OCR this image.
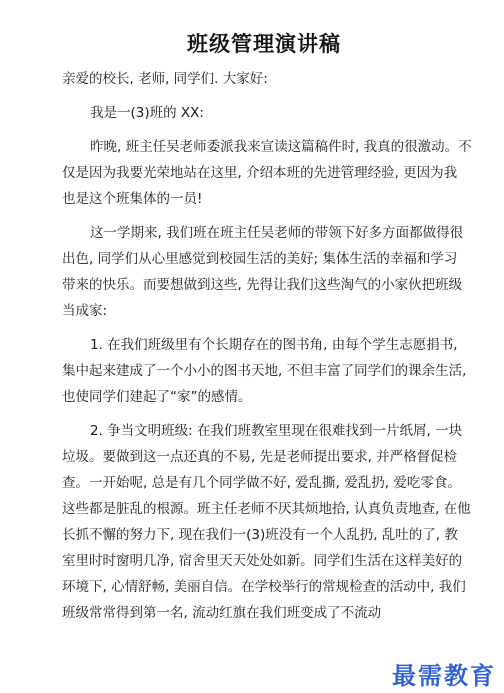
班级管理演讲稿
亲爱的校长, 老师, 同学们. 大家好:
我是一(3)班的 XX:
昨晚, 班主任吴老师委派我来宣读这篇稿件时, 我真的很激动。不
仅是因为我要光荣地站在这里, 介绍本班的先进管理经验, 更因为我
也是这个班集体的一员!
这一学期来, 我们班在班主任吴老师的带领下好多方面都做得很
出色, 同学们从心里感觉到校园生活的美好; 集体生活的幸福和学习
带来的快乐。而要想做到这些, 先得让我们这些淘气的小家伙把班级
当成家:
1. 在我们班级里有个长期存在的图书角, 由每个学生志愿捐书,
集中起来建成了一个小小的图书天地, 不但丰富了同学们的课余生活,
也使同学们建起了“家”的感情。
2. 争当文明班级: 在我们班教室里现在很难找到一片纸屑, 一块
垃圾。要做到这一点还真的不易, 先是老师提出要求, 并严格督促检
查。一开始呢, 总是有几个同学做不好, 爱乱撕, 爱乱扔, 爱吃零食。
这些都是脏乱的根源。班主任老师不厌其烦地拾, 认真负责地查, 在他
长抓不懈的努力下, 现在我们一(3)班没有一个人乱扔, 乱吐的了, 教
室里时时窗明几净, 宿舍里天天处处如新。同学们生活在这样美好的
环境下, 心情舒畅, 美丽自信。在学校举行的常规检查的活动中, 我们
班级常常得到第一名, 流动红旗在我们班变成了不流动
最需教育
